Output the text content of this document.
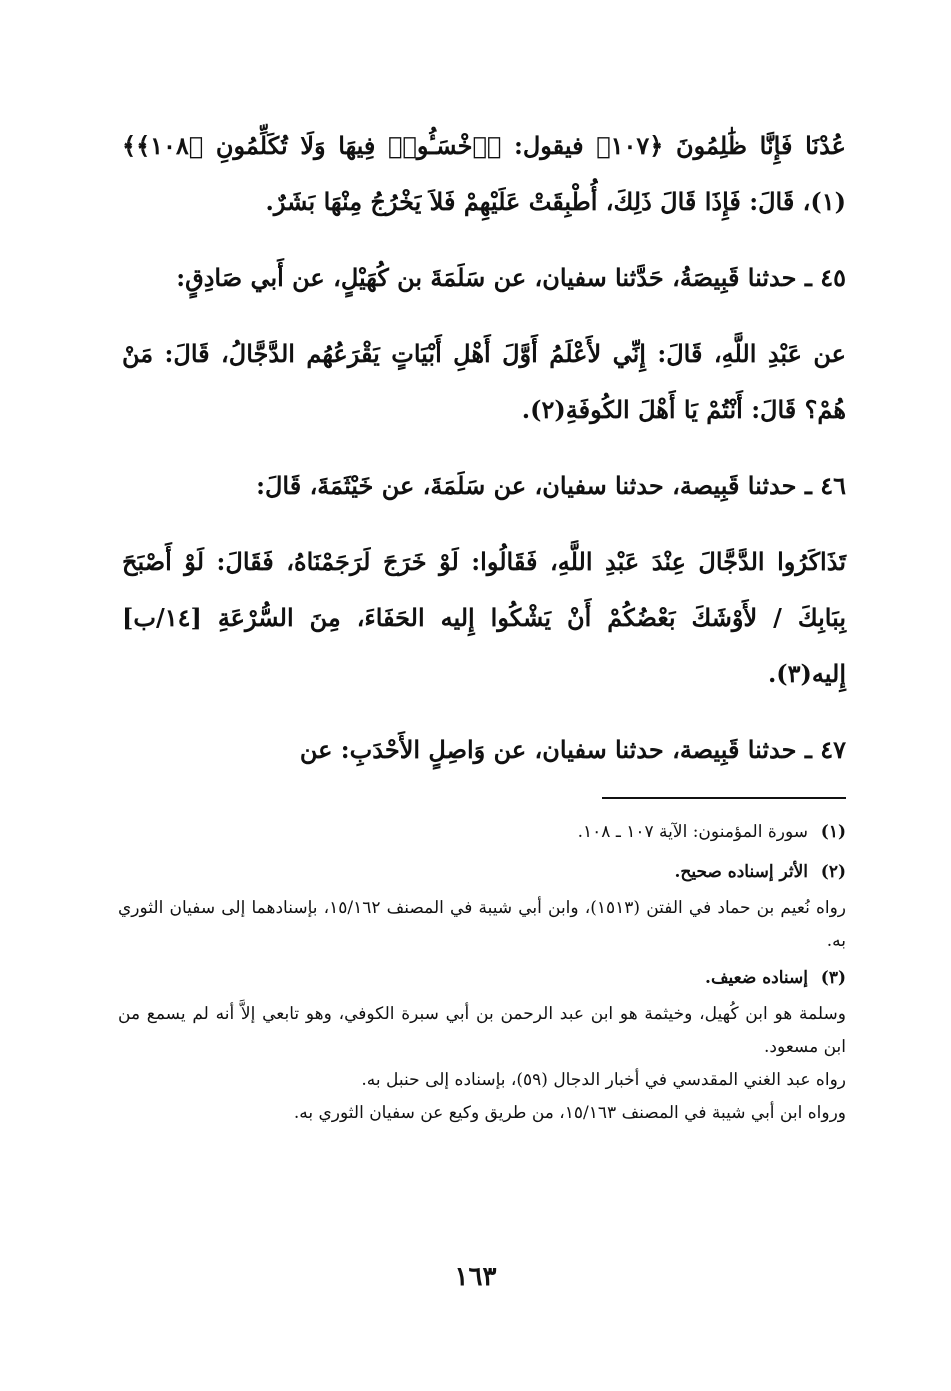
عُدْنَا فَإِنَّا ظَٰلِمُونَ ﴿١٠٧﴾ فيقول: ﴿ٱخْسَـُٔوا۟ فِيهَا وَلَا تُكَلِّمُونِ ﴿١٠٨﴾﴾(١)، قَالَ: فَإِذَا قَالَ ذَلِكَ، أُطْبِقَتْ عَلَيْهِمْ فَلاَ يَخْرُجُ مِنْهَا بَشَرٌ.

٤٥ ـ حدثنا قَبِيصَةُ، حَدَّثنا سفيان، عن سَلَمَةَ بن كُهَيْلٍ، عن أَبي صَادِقٍ:

عن عَبْدِ اللَّهِ، قَالَ: إِنِّي لأَعْلَمُ أَوَّلَ أَهْلِ أَبْيَاتٍ يَقْرَعُهُم الدَّجَّالُ، قَالَ: مَنْ هُمْ؟ قَالَ: أَنْتُمْ يَا أَهْلَ الكُوفَةِ(٢).

٤٦ ـ حدثنا قَبِيصة، حدثنا سفيان، عن سَلَمَةَ، عن خَيْثَمَةَ، قَالَ:

تَذَاكَرُوا الدَّجَّالَ عِنْدَ عَبْدِ اللَّهِ، فَقَالُوا: لَوْ خَرَجَ لَرَجَمْنَاهُ، فَقَالَ: لَوْ أَصْبَحَ بِبَابِكَ / لأَوْشَكَ بَعْضُكُمْ أَنْ يَشْكُوا إِليه الحَفَاءَ، مِنَ السُّرْعَةِ [١٤/ب] إِليه(٣).

٤٧ ـ حدثنا قَبِيصة، حدثنا سفيان، عن وَاصِلٍ الأَحْدَبِ: عن

(١)
سورة المؤمنون: الآية ١٠٧ ـ ١٠٨.
(٢)
الأثر إسناده صحيح.

رواه نُعيم بن حماد في الفتن (١٥١٣)، وابن أبي شيبة في المصنف ١٥/١٦٢، بإسنادهما إلى سفيان الثوري به.

(٣)
إسناده ضعيف.

وسلمة هو ابن كُهيل، وخيثمة هو ابن عبد الرحمن بن أبي سبرة الكوفي، وهو تابعي إلاَّ أنه لم يسمع من ابن مسعود.

رواه عبد الغني المقدسي في أخبار الدجال (٥٩)، بإسناده إلى حنبل به.

ورواه ابن أبي شيبة في المصنف ١٥/١٦٣، من طريق وكيع عن سفيان الثوري به.

١٦٣
